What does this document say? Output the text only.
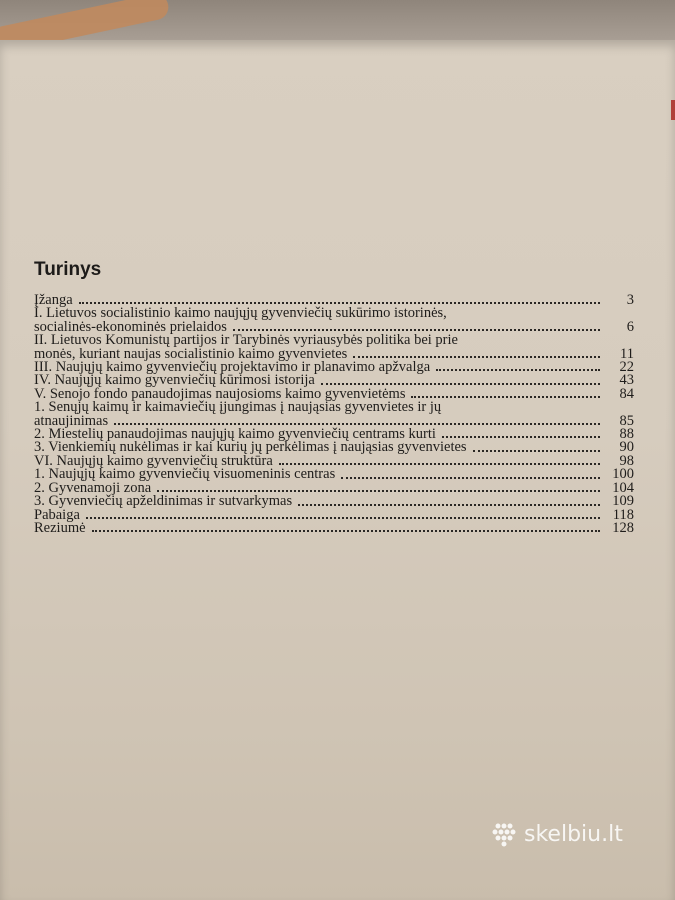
Turinys
Įžanga	3
I. Lietuvos socialistinio kaimo naujųjų gyvenviečių sukūrimo istorinės,
socialinės-ekonominės prielaidos	6
II. Lietuvos Komunistų partijos ir Tarybinės vyriausybės politika bei prie
monės, kuriant naujas socialistinio kaimo gyvenvietes	11
III. Naujųjų kaimo gyvenviečių projektavimo ir planavimo apžvalga	22
IV. Naujųjų kaimo gyvenviečių kūrimosi istorija	43
V. Senojo fondo panaudojimas naujosioms kaimo gyvenvietėms	84
1. Senųjų kaimų ir kaimaviečių įjungimas į naująsias gyvenvietes ir jų
atnaujinimas	85
2. Miestelių panaudojimas naujųjų kaimo gyvenviečių centrams kurti	88
3. Vienkiemių nukėlimas ir kai kurių jų perkėlimas į naująsias gyvenvietes	90
VI. Naujųjų kaimo gyvenviečių struktūra	98
1. Naujųjų kaimo gyvenviečių visuomeninis centras	100
2. Gyvenamoji zona	104
3. Gyvenviečių apželdinimas ir sutvarkymas	109
Pabaiga	118
Reziumė	128
skelbiu.lt
